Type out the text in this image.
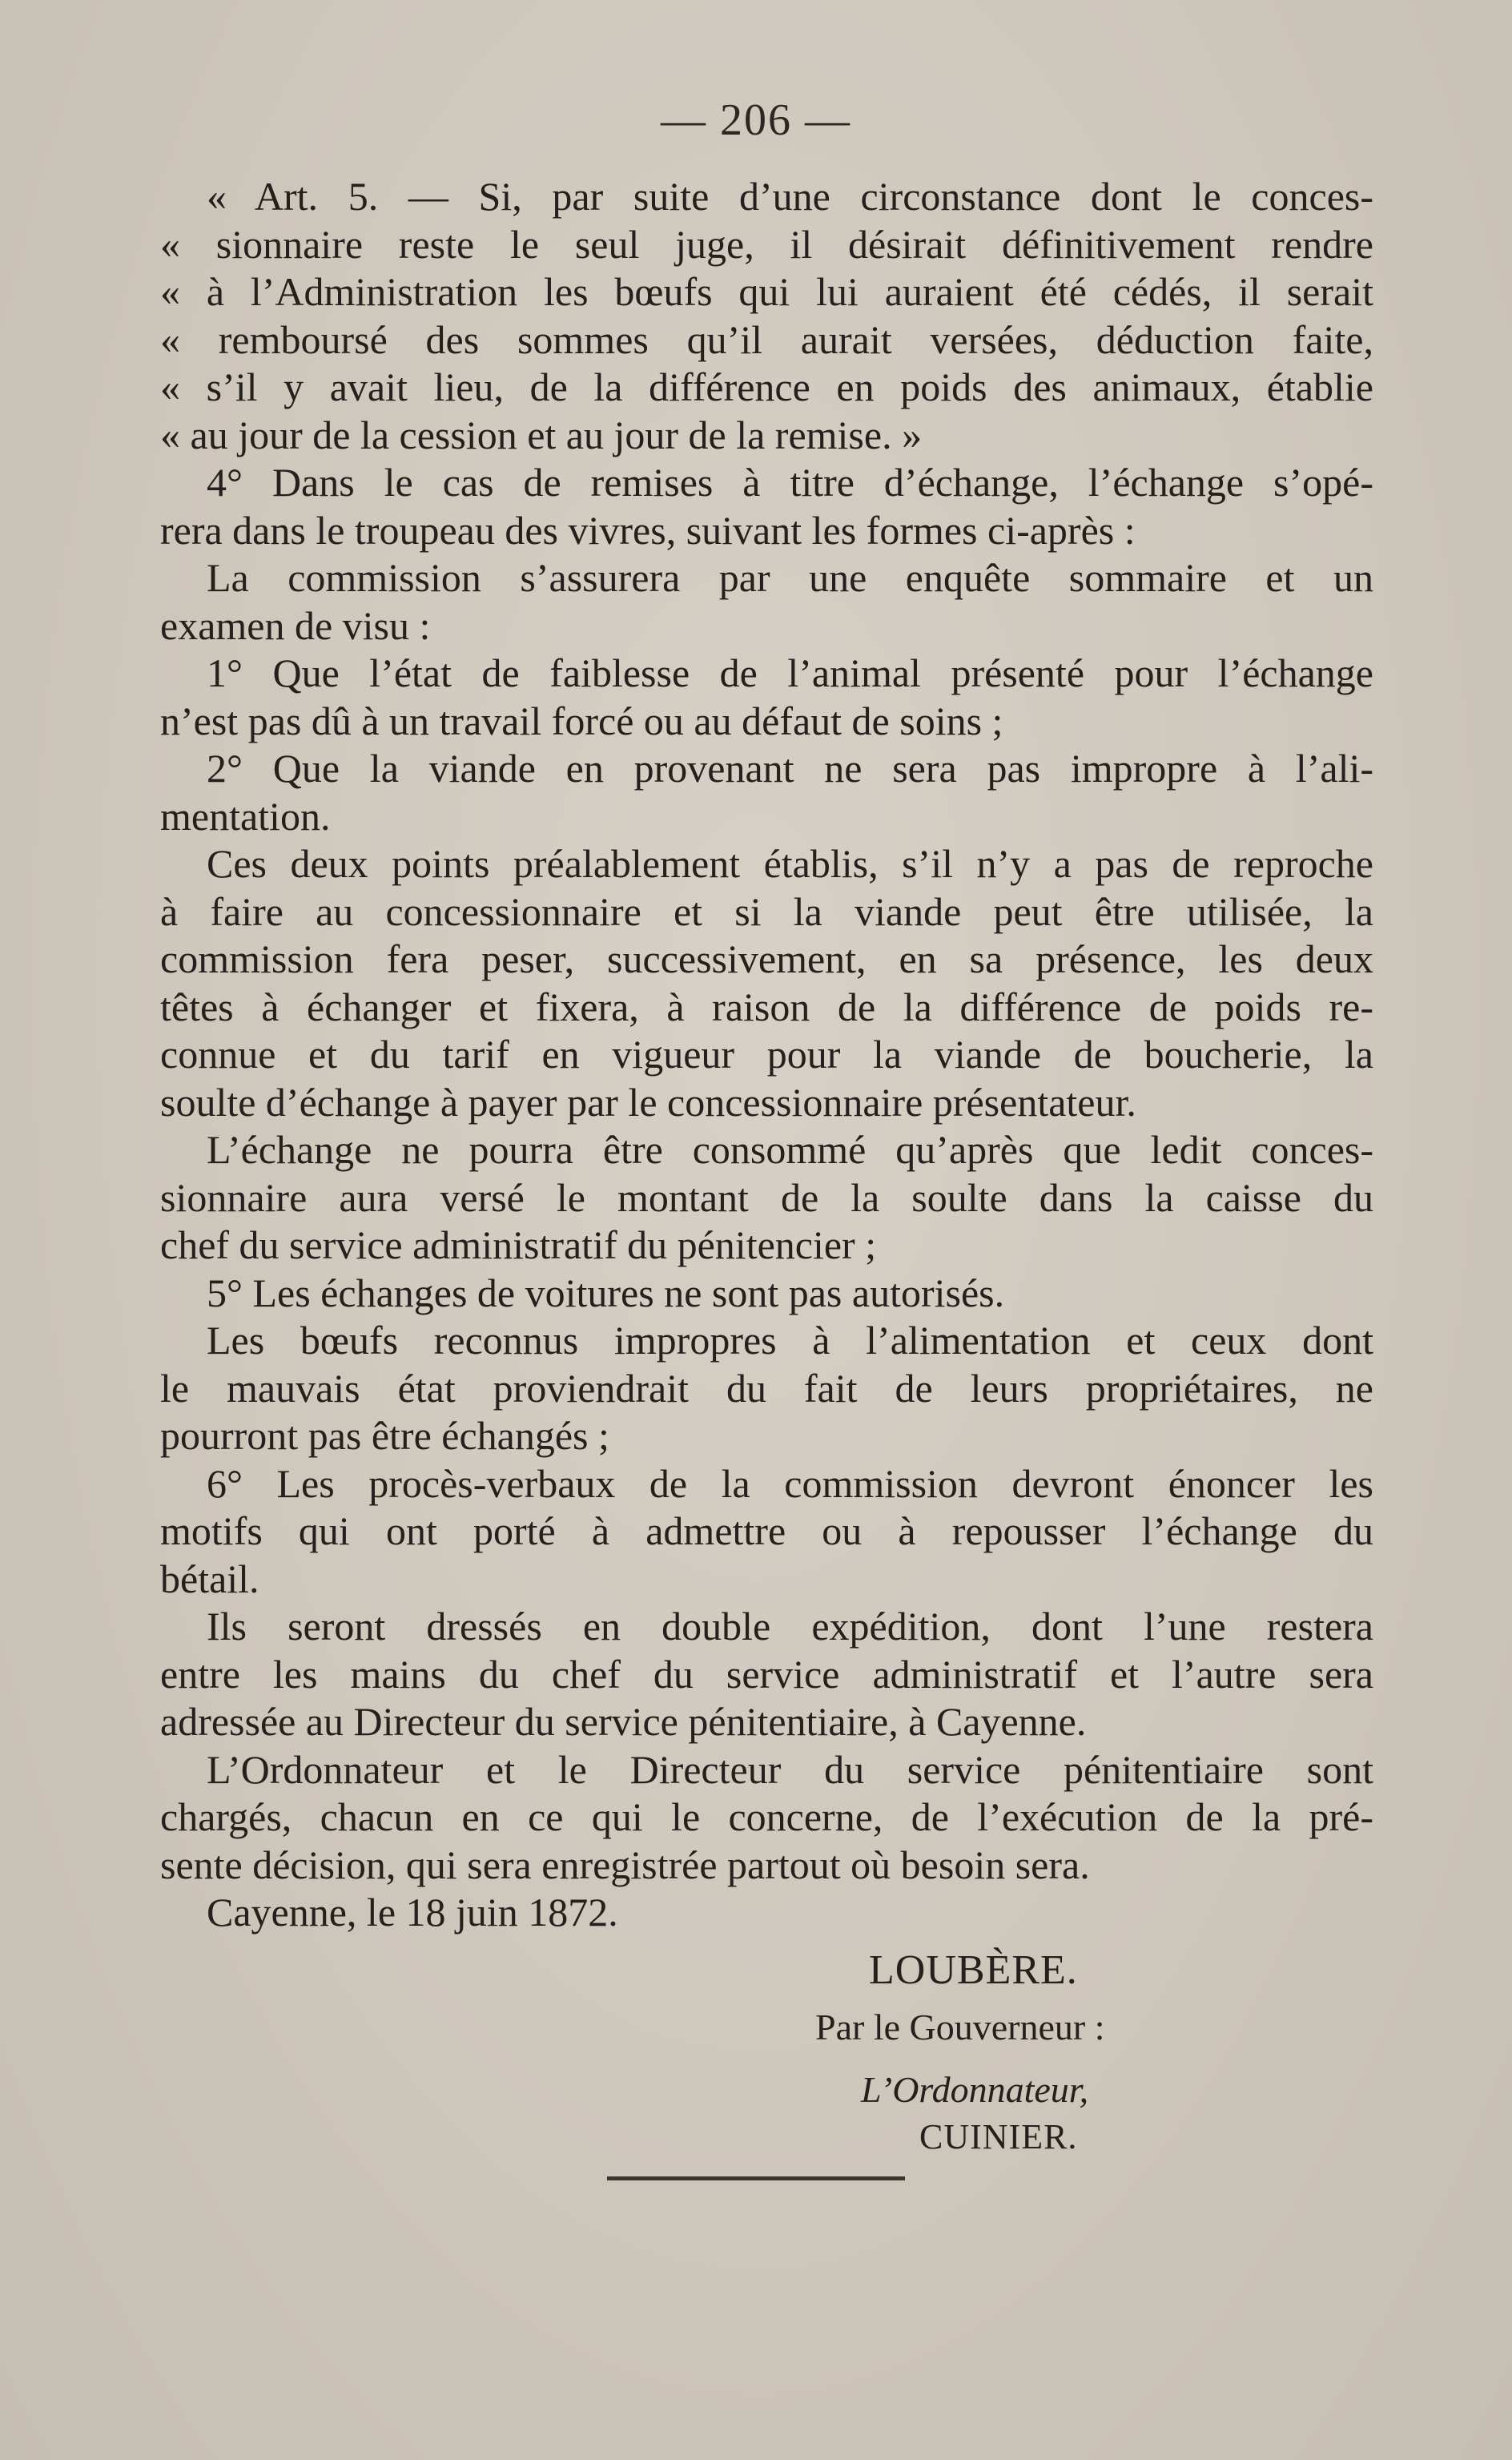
— 206 —
« Art. 5. — Si, par suite d’une circonstance dont le conces-
« sionnaire reste le seul juge, il désirait définitivement rendre
« à l’Administration les bœufs qui lui auraient été cédés, il serait
« remboursé des sommes qu’il aurait versées, déduction faite,
« s’il y avait lieu, de la différence en poids des animaux, établie
« au jour de la cession et au jour de la remise. »
4° Dans le cas de remises à titre d’échange, l’échange s’opé-
rera dans le troupeau des vivres, suivant les formes ci-après :
La commission s’assurera par une enquête sommaire et un
examen de visu :
1° Que l’état de faiblesse de l’animal présenté pour l’échange
n’est pas dû à un travail forcé ou au défaut de soins ;
2° Que la viande en provenant ne sera pas impropre à l’ali-
mentation.
Ces deux points préalablement établis, s’il n’y a pas de reproche
à faire au concessionnaire et si la viande peut être utilisée, la
commission fera peser, successivement, en sa présence, les deux
têtes à échanger et fixera, à raison de la différence de poids re-
connue et du tarif en vigueur pour la viande de boucherie, la
soulte d’échange à payer par le concessionnaire présentateur.
L’échange ne pourra être consommé qu’après que ledit conces-
sionnaire aura versé le montant de la soulte dans la caisse du
chef du service administratif du pénitencier ;
5° Les échanges de voitures ne sont pas autorisés.
Les bœufs reconnus impropres à l’alimentation et ceux dont
le mauvais état proviendrait du fait de leurs propriétaires, ne
pourront pas être échangés ;
6° Les procès-verbaux de la commission devront énoncer les
motifs qui ont porté à admettre ou à repousser l’échange du
bétail.
Ils seront dressés en double expédition, dont l’une restera
entre les mains du chef du service administratif et l’autre sera
adressée au Directeur du service pénitentiaire, à Cayenne.
L’Ordonnateur et le Directeur du service pénitentiaire sont
chargés, chacun en ce qui le concerne, de l’exécution de la pré-
sente décision, qui sera enregistrée partout où besoin sera.
Cayenne, le 18 juin 1872.
LOUBÈRE.
Par le Gouverneur :
L’Ordonnateur,
CUINIER.
